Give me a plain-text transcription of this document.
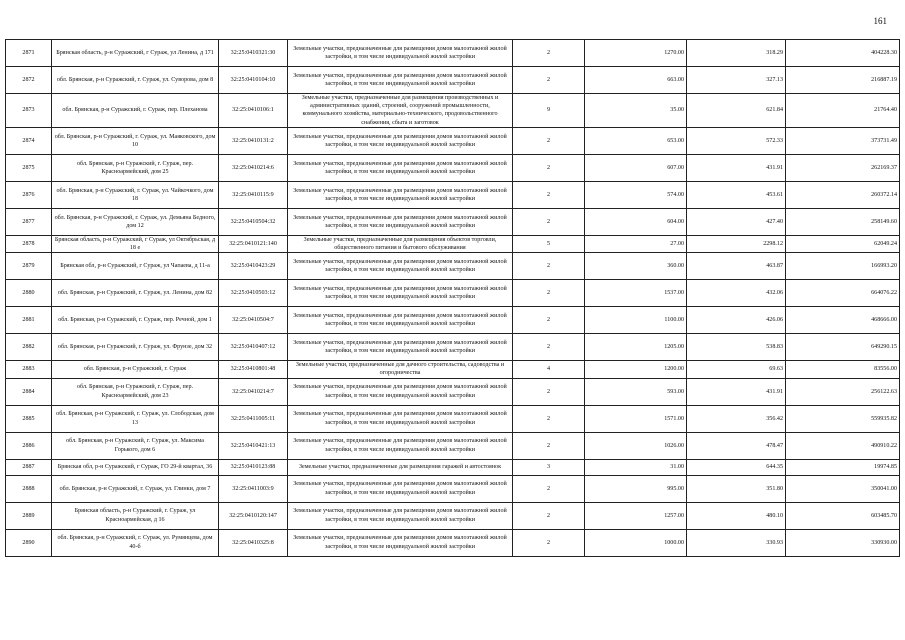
161
2871	Брянская область, р-н Суражский, г Сураж, ул Ленина, д 171	32:25:0410321:30	Земельные участки, предназначенные для размещения домов малоэтажной жилой застройки, в том числе индивидуальной жилой застройки	2	1270.00	318.29	404228.30
2872	обл. Брянская, р-н Суражский, г. Сураж, ул. Суворова, дом 8	32:25:0410104:10	Земельные участки, предназначенные для размещения домов малоэтажной жилой застройки, в том числе индивидуальной жилой застройки	2	663.00	327.13	216887.19
2873	обл. Брянская, р-н Суражский, г. Сураж, пер. Плеханова	32:25:0410106:1	Земельные участки, предназначенные для размещения производственных и административных зданий, строений, сооружений промышленности, коммунального хозяйства, материально-технического, продовольственного снабжения, сбыта и заготовок	9	35.00	621.84	21764.40
2874	обл. Брянская, р-н Суражский, г. Сураж, ул. Маяковского, дом 10	32:25:0410131:2	Земельные участки, предназначенные для размещения домов малоэтажной жилой застройки, в том числе индивидуальной жилой застройки	2	653.00	572.33	373731.49
2875	обл. Брянская, р-н Суражский, г. Сураж, пер. Красноармейский, дом 25	32:25:0410214:6	Земельные участки, предназначенные для размещения домов малоэтажной жилой застройки, в том числе индивидуальной жилой застройки	2	607.00	431.91	262169.37
2876	обл. Брянская, р-н Суражский, г. Сураж, ул. Чайкочкого, дом 18	32:25:0410115:9	Земельные участки, предназначенные для размещения домов малоэтажной жилой застройки, в том числе индивидуальной жилой застройки	2	574.00	453.61	260372.14
2877	обл. Брянская, р-н Суражский, г. Сураж, ул. Демьяна Бедного, дом 12	32:25:0410504:32	Земельные участки, предназначенные для размещения домов малоэтажной жилой застройки, в том числе индивидуальной жилой застройки	2	604.00	427.40	258149.60
2878	Брянская область, р-н Суражский, г Сураж, ул Октябрьская, д 18 е	32:25:0410121:140	Земельные участки, предназначенные для размещения объектов торговли, общественного питания и бытового обслуживания	5	27.00	2298.12	62049.24
2879	Брянская обл, р-н Суражский, г Сураж, ул Чапаева, д 11-а	32:25:0410423:29	Земельные участки, предназначенные для размещения домов малоэтажной жилой застройки, в том числе индивидуальной жилой застройки	2	360.00	463.87	166993.20
2880	обл. Брянская, р-н Суражский, г. Сураж, ул. Ленина, дом 82	32:25:0410503:12	Земельные участки, предназначенные для размещения домов малоэтажной жилой застройки, в том числе индивидуальной жилой застройки	2	1537.00	432.06	664076.22
2881	обл. Брянская, р-н Суражский, г. Сураж, пер. Речной, дом 1	32:25:0410504:7	Земельные участки, предназначенные для размещения домов малоэтажной жилой застройки, в том числе индивидуальной жилой застройки	2	1100.00	426.06	468666.00
2882	обл. Брянская, р-н Суражский, г. Сураж, ул. Фрунзе, дом 32	32:25:0410407:12	Земельные участки, предназначенные для размещения домов малоэтажной жилой застройки, в том числе индивидуальной жилой застройки	2	1205.00	538.83	649290.15
2883	обл. Брянская, р-н Суражский, г. Сураж	32:25:0410801:48	Земельные участки, предназначенные для дачного строительства, садоводства и огородничества	4	1200.00	69.63	83556.00
2884	обл. Брянская, р-н Суражский, г. Сураж, пер. Красноармейский, дом 23	32:25:0410214:7	Земельные участки, предназначенные для размещения домов малоэтажной жилой застройки, в том числе индивидуальной жилой застройки	2	593.00	431.91	256122.63
2885	обл. Брянская, р-н Суражский, г. Сураж, ул. Слободская, дом 13	32:25:0411005:11	Земельные участки, предназначенные для размещения домов малоэтажной жилой застройки, в том числе индивидуальной жилой застройки	2	1571.00	356.42	559935.82
2886	обл. Брянская, р-н Суражский, г. Сураж, ул. Максима Горького, дом 6	32:25:0410421:13	Земельные участки, предназначенные для размещения домов малоэтажной жилой застройки, в том числе индивидуальной жилой застройки	2	1026.00	478.47	490910.22
2887	Брянская обл, р-н Суражский, г Сураж, ГО 29-й квартал, 36	32:25:0410123:88	Земельные участки, предназначенные для размещения гаражей и автостоянок	3	31.00	644.35	19974.85
2888	обл. Брянская, р-н Суражский, г. Сураж, ул. Глинки, дом 7	32:25:0411003:9	Земельные участки, предназначенные для размещения домов малоэтажной жилой застройки, в том числе индивидуальной жилой застройки	2	995.00	351.80	350041.00
2889	Брянская область, р-н Суражский, г. Сураж, ул Красноармейская, д 16	32:25:0410120:147	Земельные участки, предназначенные для размещения домов малоэтажной жилой застройки, в том числе индивидуальной жилой застройки	2	1257.00	480.10	603485.70
2890	обл. Брянская, р-н Суражский, г. Сураж, ул. Румянцева, дом 40-б	32:25:0410325:8	Земельные участки, предназначенные для размещения домов малоэтажной жилой застройки, в том числе индивидуальной жилой застройки	2	1000.00	330.93	330930.00
